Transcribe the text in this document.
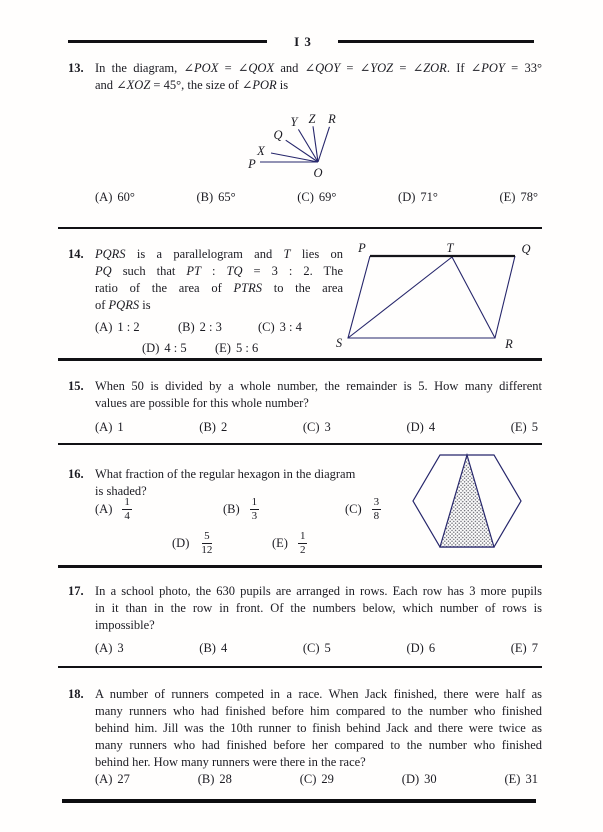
I 3
13. In the diagram, ∠POX = ∠QOX and ∠QOY = ∠YOZ = ∠ZOR. If ∠POY = 33°
and ∠XOZ = 45°, the size of ∠POR is
P
X
Q
Y Z R
O
(A) 60°	(B) 65°	(C) 69°	(D) 71°	(E) 78°
14. PQRS is a parallelogram and T lies on
PQ such that PT : TQ = 3 : 2. The
ratio of the area of PTRS to the area
of PQRS is
(A) 1 : 2	(B) 2 : 3	(C) 3 : 4
(D) 4 : 5	(E) 5 : 6
P	T	Q
S	R
15. When 50 is divided by a whole number, the remainder is 5. How many different
values are possible for this whole number?
(A) 1	(B) 2	(C) 3	(D) 4	(E) 5
16. What fraction of the regular hexagon in the diagram
is shaded?
$(A) \frac{1}{4}$	$(B) \frac{1}{3}$	$(C) \frac{3}{8}$
$(D) \frac{5}{12}$	$(E) \frac{1}{2}$
17. In a school photo, the 630 pupils are arranged in rows. Each row has 3 more pupils
in it than in the row in front. Of the numbers below, which number of rows is
impossible?
(A) 3	(B) 4	(C) 5	(D) 6	(E) 7
18. A number of runners competed in a race. When Jack finished, there were half as
many runners who had finished before him compared to the number who finished
behind him. Jill was the 10th runner to finish behind Jack and there were twice as
many runners who had finished before her compared to the number who finished
behind her. How many runners were there in the race?
(A) 27	(B) 28	(C) 29	(D) 30	(E) 31
